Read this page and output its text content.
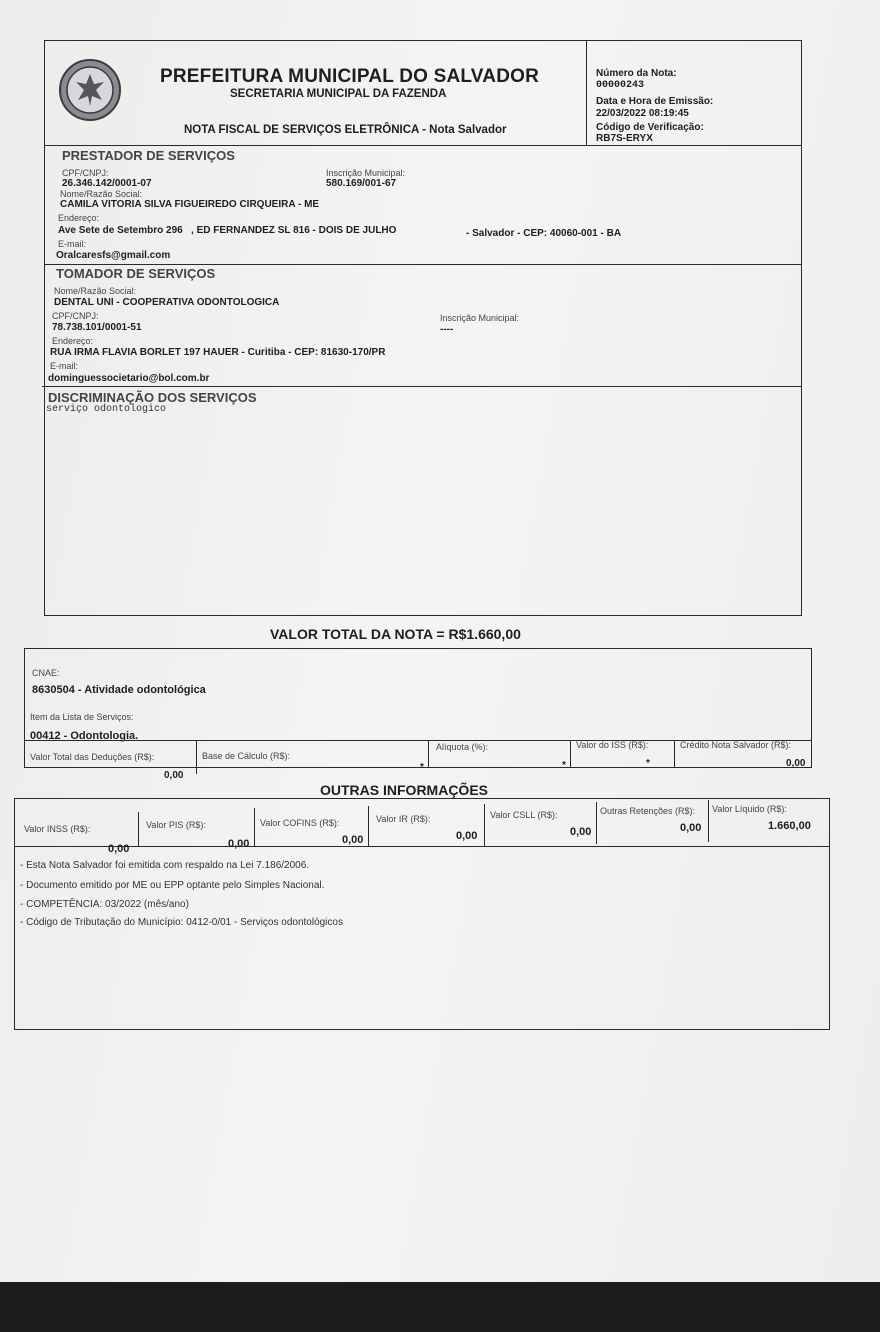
PREFEITURA MUNICIPAL DO SALVADOR
SECRETARIA MUNICIPAL DA FAZENDA
NOTA FISCAL DE SERVIÇOS ELETRÔNICA - Nota Salvador
Número da Nota:
00000243
Data e Hora de Emissão:
22/03/2022 08:19:45
Código de Verificação:
RB7S-ERYX
PRESTADOR DE SERVIÇOS
CPF/CNPJ:
26.346.142/0001-07
Inscrição Municipal:
580.169/001-67
Nome/Razão Social:
CAMILA VITORIA SILVA FIGUEIREDO CIRQUEIRA - ME
Endereço:
Ave Sete de Setembro 296   , ED FERNANDEZ SL 816 - DOIS DE JULHO	- Salvador - CEP: 40060-001 - BA
E-mail:
Oralcaresfs@gmail.com
TOMADOR DE SERVIÇOS
Nome/Razão Social:
DENTAL UNI - COOPERATIVA ODONTOLOGICA
CPF/CNPJ:
78.738.101/0001-51
Inscrição Municipal:
----
Endereço:
RUA IRMA FLAVIA BORLET 197 HAUER - Curitiba - CEP: 81630-170/PR
E-mail:
dominguessocietario@bol.com.br
DISCRIMINAÇÃO DOS SERVIÇOS
serviço odontologico
VALOR TOTAL DA NOTA = R$1.660,00
CNAE:
8630504 - Atividade odontológica
Item da Lista de Serviços:
00412 - Odontologia.
Valor Total das Deduções (R$):
0,00
Base de Cálculo (R$):
*
Alíquota (%):
*
Valor do ISS (R$):
*
Crédito Nota Salvador (R$):
0,00
OUTRAS INFORMAÇÕES
Valor INSS (R$):
0,00
Valor PIS (R$):
0,00
Valor COFINS (R$):
0,00
Valor IR (R$):
0,00
Valor CSLL (R$):
0,00
Outras Retenções (R$):
0,00
Valor Líquido (R$):
1.660,00
- Esta Nota Salvador foi emitida com respaldo na Lei 7.186/2006.
- Documento emitido por ME ou EPP optante pelo Simples Nacional.
- COMPETÊNCIA: 03/2022 (mês/ano)
- Código de Tributação do Município: 0412-0/01 - Serviços odontológicos
